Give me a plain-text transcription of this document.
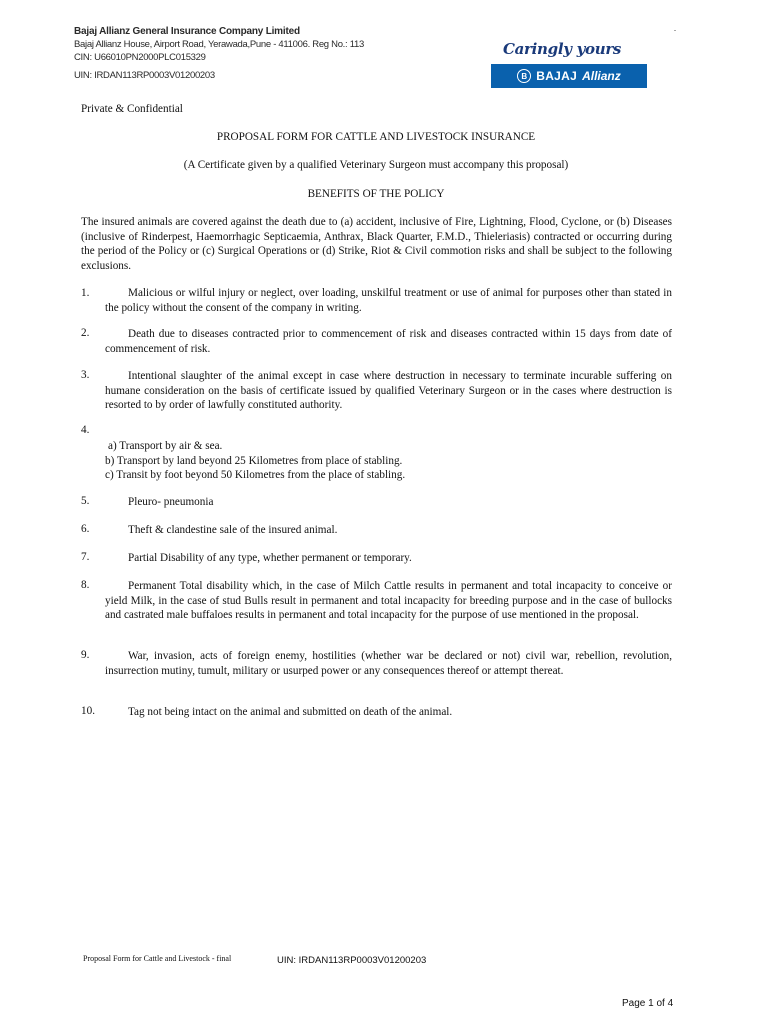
Bajaj Allianz General Insurance Company Limited
Bajaj Allianz House, Airport Road, Yerawada,Pune - 411006. Reg No.: 113
CIN: U66010PN2000PLC015329
UIN: IRDAN113RP0003V01200203
.
Caringly yours
B BAJAJ Allianz
Private & Confidential
PROPOSAL FORM FOR CATTLE AND LIVESTOCK INSURANCE
(A Certificate given by a qualified Veterinary Surgeon must accompany this proposal)
BENEFITS OF THE POLICY
The insured animals are covered against the death due to (a) accident, inclusive of Fire, Lightning, Flood, Cyclone, or (b) Diseases (inclusive of Rinderpest, Haemorrhagic Septicaemia, Anthrax, Black Quarter, F.M.D., Thieleriasis) contracted or occurring during the period of the Policy or (c) Surgical Operations or (d) Strike, Riot & Civil commotion risks and shall be subject to the following exclusions.
1.	Malicious or wilful injury or neglect, over loading, unskilful treatment or use of animal for purposes other than stated in the policy without the consent of the company in writing.
2.	Death due to diseases contracted prior to commencement of risk and diseases contracted within 15 days from date of commencement of risk.
3.	Intentional slaughter of the animal except in case where destruction in necessary to terminate incurable suffering on humane consideration on the basis of certificate issued by qualified Veterinary Surgeon or in the cases where destruction is resorted to by order of lawfully constituted authority.
4.
a) Transport by air & sea.
b) Transport by land beyond 25 Kilometres from place of stabling.
c) Transit by foot beyond 50 Kilometres from the place of stabling.
5.	Pleuro- pneumonia
6.	Theft & clandestine sale of the insured animal.
7.	Partial Disability of any type, whether permanent or temporary.
8.	Permanent Total disability which, in the case of Milch Cattle results in permanent and total incapacity to conceive or yield Milk, in the case of stud Bulls result in permanent and total incapacity for breeding purpose and in the case of bullocks and castrated male buffaloes results in permanent and total incapacity for the purpose of use mentioned in the proposal.
9.	War, invasion, acts of foreign enemy, hostilities (whether war be declared or not) civil war, rebellion, revolution, insurrection mutiny, tumult, military or usurped power or any consequences thereof or attempt thereat.
10.	Tag not being intact on the animal and submitted on death of the animal.
Proposal Form for Cattle and Livestock - final	UIN: IRDAN113RP0003V01200203
Page 1 of 4
